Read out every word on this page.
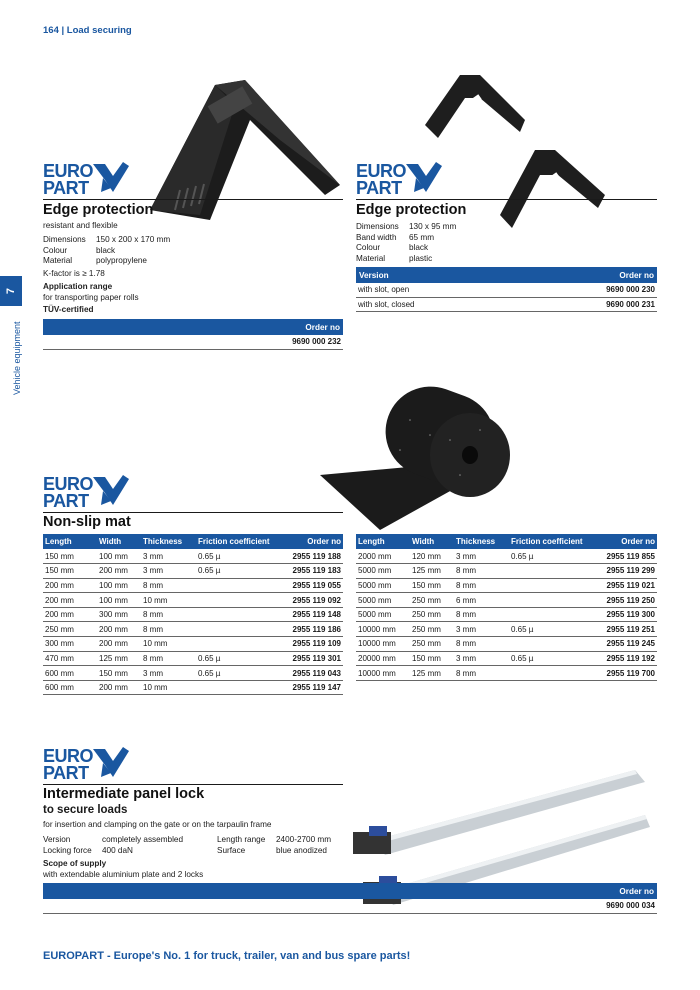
164 | Load securing
7
Vehicle equipment
EURO
PART
Edge protection
resistant and flexible
Dimensions	150 x 200 x 170 mm
Colour	black
Material	polypropylene
K-factor is ≥ 1.78
Application range
for transporting paper rolls
TÜV-certified
Order no
9690 000 232
EURO
PART
Edge protection
Dimensions	130 x 95 mm
Band width	65 mm
Colour	black
Material	plastic
Version	Order no
with slot, open	9690 000 230
with slot, closed	9690 000 231
EURO
PART
Non-slip mat
Length	Width	Thickness	Friction coefficient	Order no
150 mm	100 mm	3 mm	0.65 µ	2955 119 188
150 mm	200 mm	3 mm	0.65 µ	2955 119 183
200 mm	100 mm	8 mm		2955 119 055
200 mm	100 mm	10 mm		2955 119 092
200 mm	300 mm	8 mm		2955 119 148
250 mm	200 mm	8 mm		2955 119 186
300 mm	200 mm	10 mm		2955 119 109
470 mm	125 mm	8 mm	0.65 µ	2955 119 301
600 mm	150 mm	3 mm	0.65 µ	2955 119 043
600 mm	200 mm	10 mm		2955 119 147
Length	Width	Thickness	Friction coefficient	Order no
2000 mm	120 mm	3 mm	0.65 µ	2955 119 855
5000 mm	125 mm	8 mm		2955 119 299
5000 mm	150 mm	8 mm		2955 119 021
5000 mm	250 mm	6 mm		2955 119 250
5000 mm	250 mm	8 mm		2955 119 300
10000 mm	250 mm	3 mm	0.65 µ	2955 119 251
10000 mm	250 mm	8 mm		2955 119 245
20000 mm	150 mm	3 mm	0.65 µ	2955 119 192
10000 mm	125 mm	8 mm		2955 119 700
EURO
PART
Intermediate panel lock
to secure loads
for insertion and clamping on the gate or on the tarpaulin frame
Version	completely assembled
Locking force	400 daN
Length range	2400-2700 mm
Surface	blue anodized
Scope of supply
with extendable aluminium plate and 2 locks
Order no
9690 000 034
EUROPART - Europe's No. 1 for truck, trailer, van and bus spare parts!
